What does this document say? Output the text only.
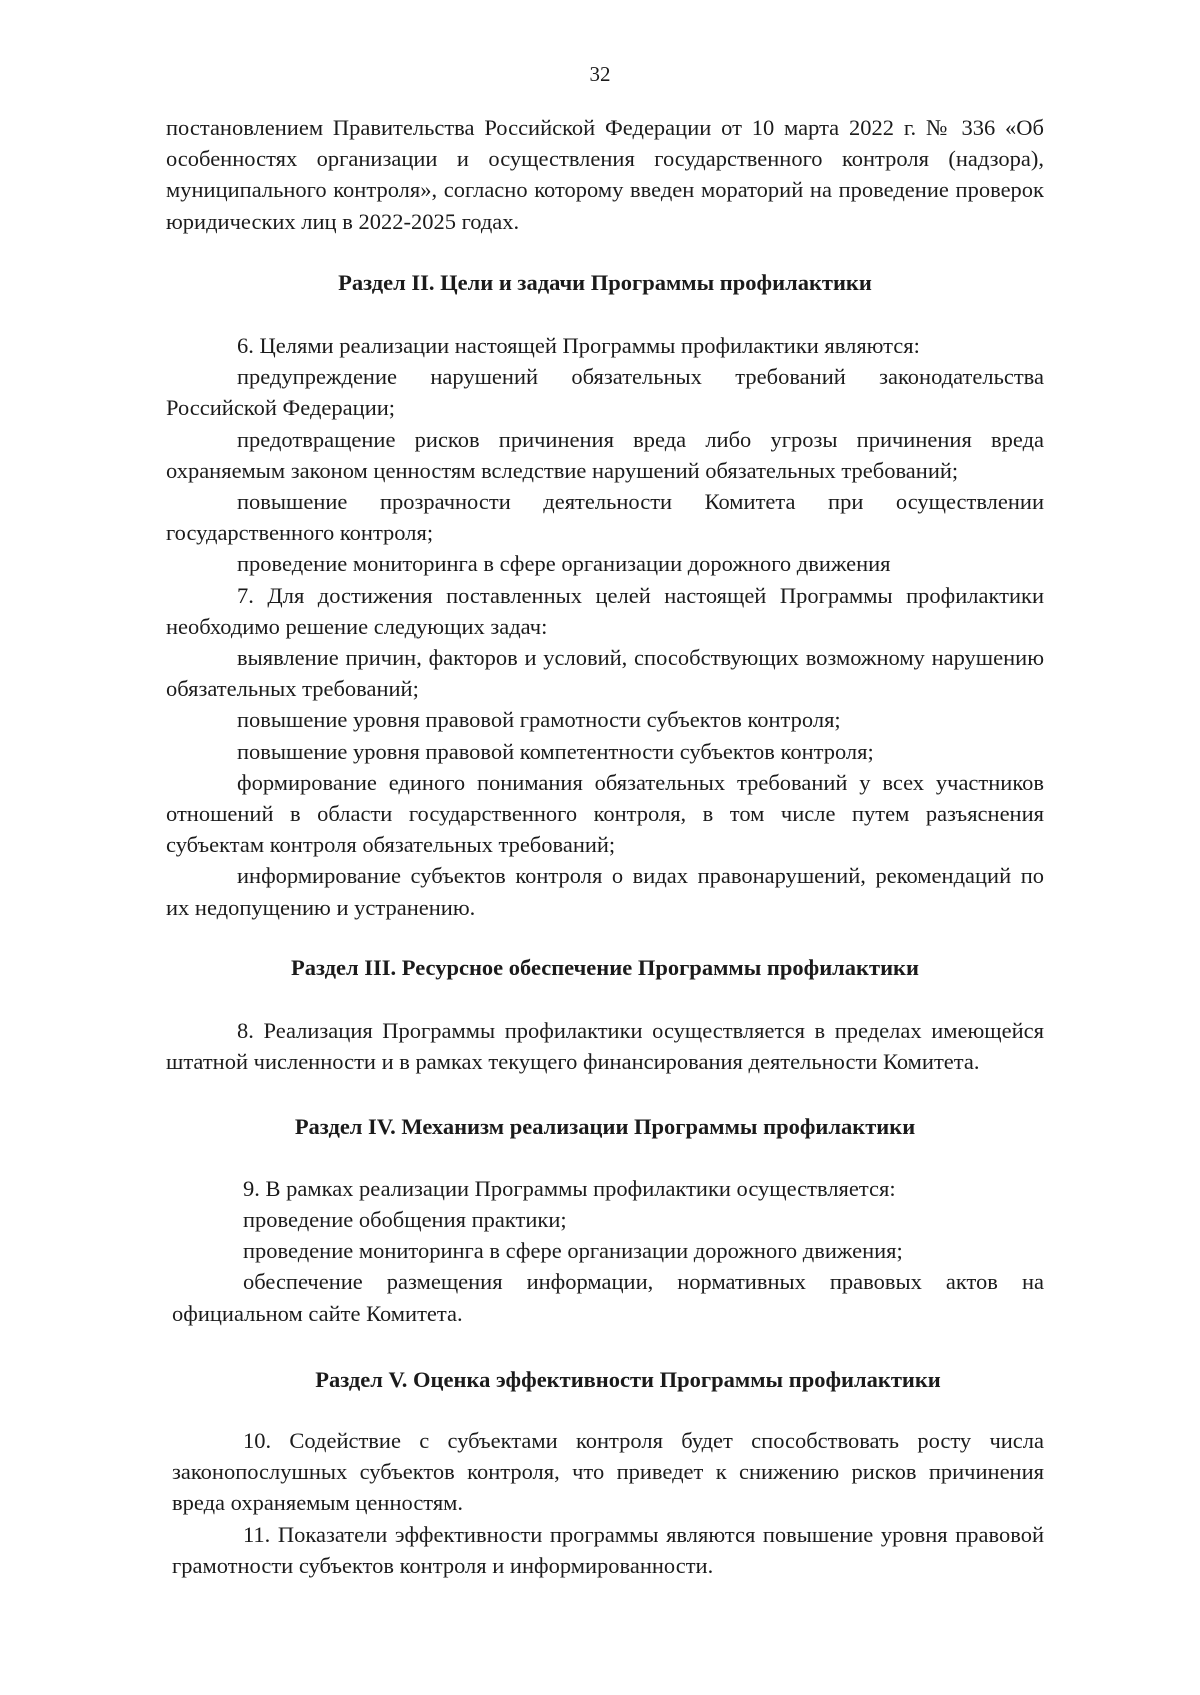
32

постановлением Правительства Российской Федерации от 10 марта 2022 г. № 336 «Об особенностях организации и осуществления государственного контроля (надзора), муниципального контроля», согласно которому введен мораторий на проведение проверок юридических лиц в 2022-2025 годах.

Раздел II. Цели и задачи Программы профилактики

6. Целями реализации настоящей Программы профилактики являются:

предупреждение нарушений обязательных требований законодательства Российской Федерации;

предотвращение рисков причинения вреда либо угрозы причинения вреда охраняемым законом ценностям вследствие нарушений обязательных требований;

повышение прозрачности деятельности Комитета при осуществлении государственного контроля;

проведение мониторинга в сфере организации дорожного движения

7. Для достижения поставленных целей настоящей Программы профилактики необходимо решение следующих задач:

выявление причин, факторов и условий, способствующих возможному нарушению обязательных требований;

повышение уровня правовой грамотности субъектов контроля;

повышение уровня правовой компетентности субъектов контроля;

формирование единого понимания обязательных требований у всех участников отношений в области государственного контроля, в том числе путем разъяснения субъектам контроля обязательных требований;

информирование субъектов контроля о видах правонарушений, рекомендаций по их недопущению и устранению.

Раздел III. Ресурсное обеспечение Программы профилактики

8. Реализация Программы профилактики осуществляется в пределах имеющейся штатной численности и в рамках текущего финансирования деятельности Комитета.

Раздел IV. Механизм реализации Программы профилактики

9. В рамках реализации Программы профилактики осуществляется:

проведение обобщения практики;

проведение мониторинга в сфере организации дорожного движения;

обеспечение размещения информации, нормативных правовых актов на официальном сайте Комитета.

Раздел V. Оценка эффективности Программы профилактики

10. Содействие с субъектами контроля будет способствовать росту числа законопослушных субъектов контроля, что приведет к снижению рисков причинения вреда охраняемым ценностям.

11. Показатели эффективности программы являются повышение уровня правовой грамотности субъектов контроля и информированности.
